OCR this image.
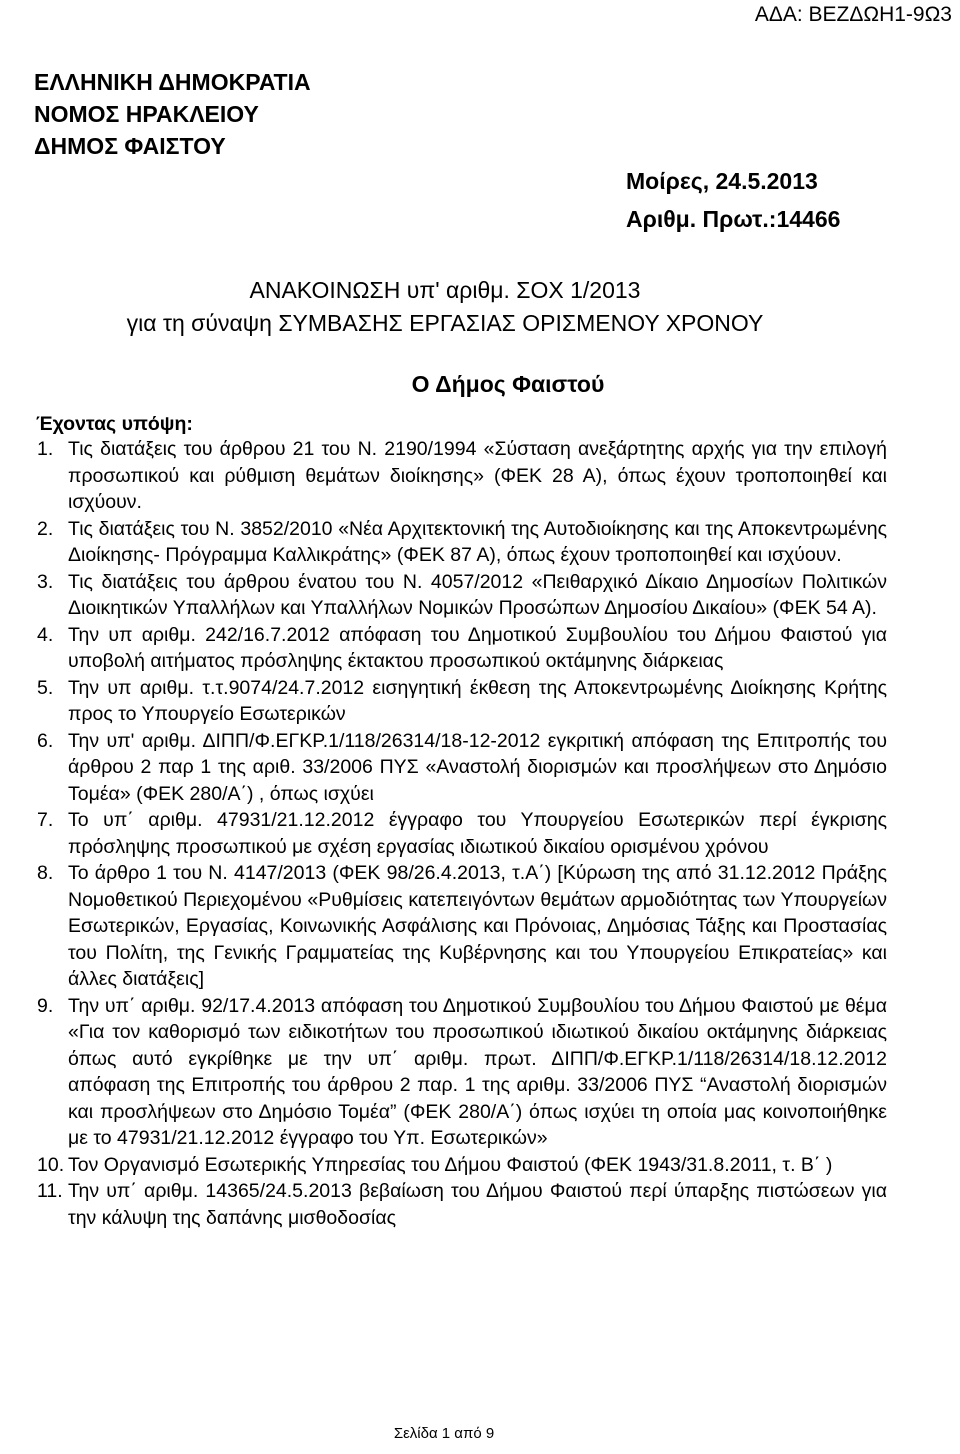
ΑΔΑ: ΒΕΖΔΩΗ1-9Ω3
ΕΛΛΗΝΙΚΗ ΔΗΜΟΚΡΑΤΙΑ
ΝΟΜΟΣ ΗΡΑΚΛΕΙΟΥ
ΔΗΜΟΣ ΦΑΙΣΤΟΥ
Μοίρες, 24.5.2013
Αριθμ. Πρωτ.:14466
ΑΝΑΚΟΙΝΩΣΗ υπ' αριθμ. ΣΟΧ 1/2013
για τη σύναψη ΣΥΜΒΑΣΗΣ ΕΡΓΑΣΙΑΣ ΟΡΙΣΜΕΝΟΥ ΧΡΟΝΟΥ
Ο Δήμος Φαιστού
Έχοντας υπόψη:
1. Τις διατάξεις του άρθρου 21 του Ν. 2190/1994 «Σύσταση ανεξάρτητης αρχής για την επιλογή προσωπικού και ρύθμιση θεμάτων διοίκησης» (ΦΕΚ 28 Α), όπως έχουν τροποποιηθεί και ισχύουν.
2. Τις διατάξεις του Ν. 3852/2010 «Νέα Αρχιτεκτονική της Αυτοδιοίκησης και της Αποκεντρωμένης Διοίκησης- Πρόγραμμα Καλλικράτης» (ΦΕΚ 87 Α), όπως έχουν τροποποιηθεί και ισχύουν.
3. Τις διατάξεις του άρθρου ένατου του Ν. 4057/2012 «Πειθαρχικό Δίκαιο Δημοσίων Πολιτικών Διοικητικών Υπαλλήλων και Υπαλλήλων Νομικών Προσώπων Δημοσίου Δικαίου» (ΦΕΚ 54 Α).
4. Την υπ αριθμ. 242/16.7.2012 απόφαση του Δημοτικού Συμβουλίου του Δήμου Φαιστού για υποβολή αιτήματος πρόσληψης έκτακτου προσωπικού οκτάμηνης διάρκειας
5. Την υπ αριθμ. τ.τ.9074/24.7.2012 εισηγητική έκθεση της Αποκεντρωμένης Διοίκησης Κρήτης προς το Υπουργείο Εσωτερικών
6. Την υπ' αριθμ. ΔΙΠΠ/Φ.ΕΓΚΡ.1/118/26314/18-12-2012 εγκριτική απόφαση της Επιτροπής του άρθρου 2 παρ 1 της αριθ. 33/2006 ΠΥΣ «Αναστολή διορισμών και προσλήψεων στο Δημόσιο Τομέα» (ΦΕΚ 280/Α΄) , όπως ισχύει
7. Το υπ΄ αριθμ. 47931/21.12.2012 έγγραφο του Υπουργείου Εσωτερικών περί έγκρισης πρόσληψης προσωπικού με σχέση εργασίας ιδιωτικού δικαίου ορισμένου χρόνου
8. Το άρθρο 1 του Ν. 4147/2013 (ΦΕΚ 98/26.4.2013, τ.Α΄) [Κύρωση της από 31.12.2012 Πράξης Νομοθετικού Περιεχομένου «Ρυθμίσεις κατεπειγόντων θεμάτων αρμοδιότητας των Υπουργείων Εσωτερικών, Εργασίας, Κοινωνικής Ασφάλισης και Πρόνοιας, Δημόσιας Τάξης και Προστασίας του Πολίτη, της Γενικής Γραμματείας της Κυβέρνησης και του Υπουργείου Επικρατείας» και άλλες διατάξεις]
9. Την υπ΄ αριθμ. 92/17.4.2013 απόφαση του Δημοτικού Συμβουλίου του Δήμου Φαιστού με θέμα «Για τον καθορισμό των ειδικοτήτων του προσωπικού ιδιωτικού δικαίου οκτάμηνης διάρκειας όπως αυτό εγκρίθηκε με την υπ΄ αριθμ. πρωτ. ΔΙΠΠ/Φ.ΕΓΚΡ.1/118/26314/18.12.2012 απόφαση της Επιτροπής του άρθρου 2 παρ. 1 της αριθμ. 33/2006 ΠΥΣ “Αναστολή διορισμών και προσλήψεων στο Δημόσιο Τομέα” (ΦΕΚ 280/Α΄) όπως ισχύει τη οποία μας κοινοποιήθηκε με το 47931/21.12.2012 έγγραφο του Υπ. Εσωτερικών»
10. Τον Οργανισμό Εσωτερικής Υπηρεσίας του Δήμου Φαιστού (ΦΕΚ 1943/31.8.2011, τ. Β΄ )
11. Την υπ΄ αριθμ. 14365/24.5.2013 βεβαίωση του Δήμου Φαιστού περί ύπαρξης πιστώσεων για την κάλυψη της δαπάνης μισθοδοσίας
Σελίδα 1 από 9
